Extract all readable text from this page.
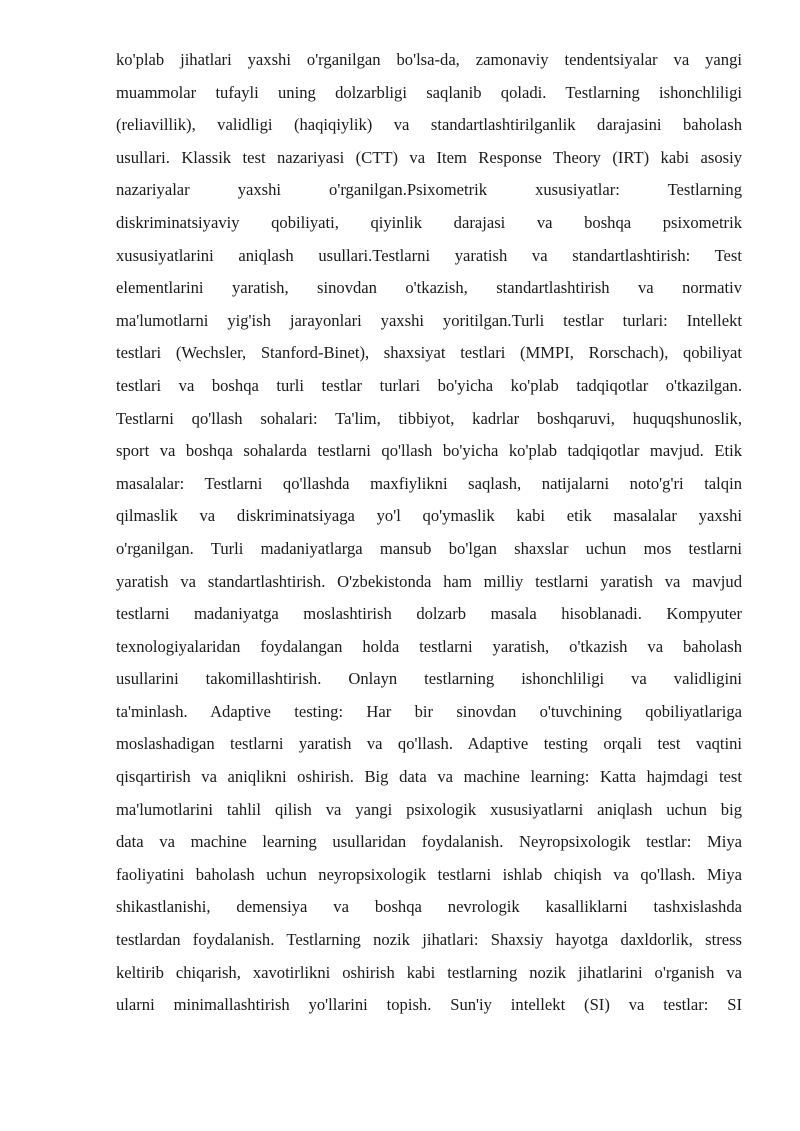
ko'plab jihatlari yaxshi o'rganilgan bo'lsa-da, zamonaviy tendentsiyalar va yangi
muammolar tufayli uning dolzarbligi saqlanib qoladi. Testlarning ishonchliligi
(reliavillik), validligi (haqiqiylik) va standartlashtirilganlik darajasini baholash
usullari. Klassik test nazariyasi (CTT) va Item Response Theory (IRT) kabi asosiy
nazariyalar yaxshi o'rganilgan.Psixometrik xususiyatlar: Testlarning
diskriminatsiyaviy qobiliyati, qiyinlik darajasi va boshqa psixometrik
xususiyatlarini aniqlash usullari.Testlarni yaratish va standartlashtirish: Test
elementlarini yaratish, sinovdan o'tkazish, standartlashtirish va normativ
ma'lumotlarni yig'ish jarayonlari yaxshi yoritilgan.Turli testlar turlari: Intellekt
testlari (Wechsler, Stanford-Binet), shaxsiyat testlari (MMPI, Rorschach), qobiliyat
testlari va boshqa turli testlar turlari bo'yicha ko'plab tadqiqotlar o'tkazilgan.
Testlarni qo'llash sohalari: Ta'lim, tibbiyot, kadrlar boshqaruvi, huquqshunoslik,
sport va boshqa sohalarda testlarni qo'llash bo'yicha ko'plab tadqiqotlar mavjud. Etik
masalalar: Testlarni qo'llashda maxfiylikni saqlash, natijalarni noto'g'ri talqin
qilmaslik va diskriminatsiyaga yo'l qo'ymaslik kabi etik masalalar yaxshi
o'rganilgan. Turli madaniyatlarga mansub bo'lgan shaxslar uchun mos testlarni
yaratish va standartlashtirish. O'zbekistonda ham milliy testlarni yaratish va mavjud
testlarni madaniyatga moslashtirish dolzarb masala hisoblanadi. Kompyuter
texnologiyalaridan foydalangan holda testlarni yaratish, o'tkazish va baholash
usullarini takomillashtirish. Onlayn testlarning ishonchliligi va validligini
ta'minlash. Adaptive testing: Har bir sinovdan o'tuvchining qobiliyatlariga
moslashadigan testlarni yaratish va qo'llash. Adaptive testing orqali test vaqtini
qisqartirish va aniqlikni oshirish. Big data va machine learning: Katta hajmdagi test
ma'lumotlarini tahlil qilish va yangi psixologik xususiyatlarni aniqlash uchun big
data va machine learning usullaridan foydalanish. Neyropsixologik testlar: Miya
faoliyatini baholash uchun neyropsixologik testlarni ishlab chiqish va qo'llash. Miya
shikastlanishi, demensiya va boshqa nevrologik kasalliklarni tashxislashda
testlardan foydalanish. Testlarning nozik jihatlari: Shaxsiy hayotga daxldorlik, stress
keltirib chiqarish, xavotirlikni oshirish kabi testlarning nozik jihatlarini o'rganish va
ularni minimallashtirish yo'llarini topish. Sun'iy intellekt (SI) va testlar: SI
